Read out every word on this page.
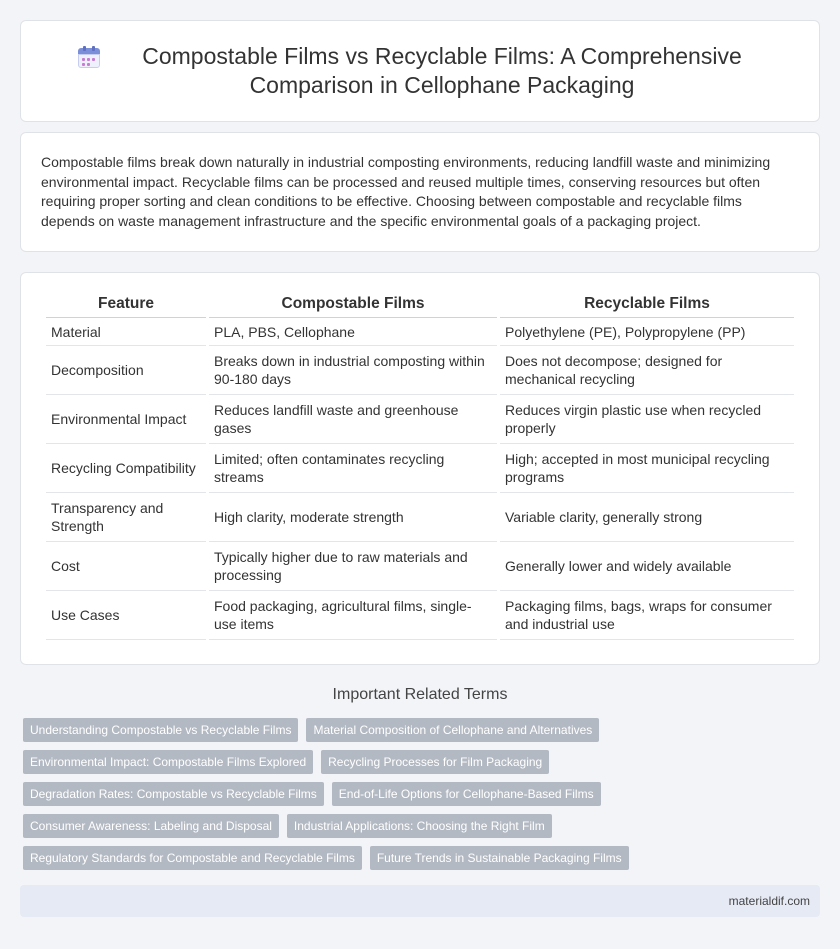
Compostable Films vs Recyclable Films: A Comprehensive Comparison in Cellophane Packaging

Compostable films break down naturally in industrial composting environments, reducing landfill waste and minimizing environmental impact. Recyclable films can be processed and reused multiple times, conserving resources but often requiring proper sorting and clean conditions to be effective. Choosing between compostable and recyclable films depends on waste management infrastructure and the specific environmental goals of a packaging project.

Feature	Compostable Films	Recyclable Films
Material	PLA, PBS, Cellophane	Polyethylene (PE), Polypropylene (PP)
Decomposition	Breaks down in industrial composting within 90-180 days	Does not decompose; designed for mechanical recycling
Environmental Impact	Reduces landfill waste and greenhouse gases	Reduces virgin plastic use when recycled properly
Recycling Compatibility	Limited; often contaminates recycling streams	High; accepted in most municipal recycling programs
Transparency and Strength	High clarity, moderate strength	Variable clarity, generally strong
Cost	Typically higher due to raw materials and processing	Generally lower and widely available
Use Cases	Food packaging, agricultural films, single-use items	Packaging films, bags, wraps for consumer and industrial use
Important Related Terms
Understanding Compostable vs Recyclable Films	Material Composition of Cellophane and Alternatives
Environmental Impact: Compostable Films Explored	Recycling Processes for Film Packaging
Degradation Rates: Compostable vs Recyclable Films	End-of-Life Options for Cellophane-Based Films
Consumer Awareness: Labeling and Disposal	Industrial Applications: Choosing the Right Film
Regulatory Standards for Compostable and Recyclable Films	Future Trends in Sustainable Packaging Films
materialdif.com
